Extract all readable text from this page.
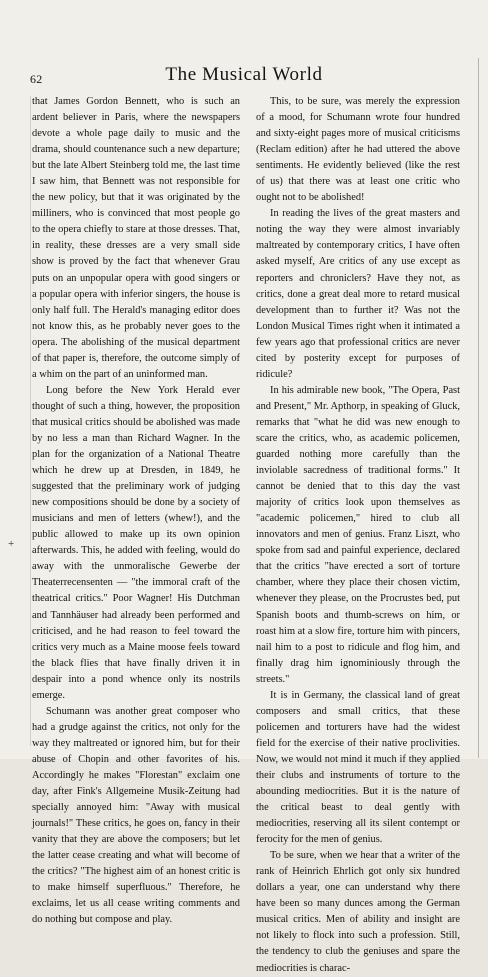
62	The Musical World
+

that James Gordon Bennett, who is such an ardent believer in Paris, where the newspapers devote a whole page daily to music and the drama, should countenance such a new departure; but the late Albert Steinberg told me, the last time I saw him, that Bennett was not responsible for the new policy, but that it was originated by the milliners, who is convinced that most people go to the opera chiefly to stare at those dresses. That, in reality, these dresses are a very small side show is proved by the fact that whenever Grau puts on an unpopular opera with good singers or a popular opera with inferior singers, the house is only half full. The Herald's managing editor does not know this, as he probably never goes to the opera. The abolishing of the musical department of that paper is, therefore, the outcome simply of a whim on the part of an uninformed man.

Long before the New York Herald ever thought of such a thing, however, the proposition that musical critics should be abolished was made by no less a man than Richard Wagner. In the plan for the organization of a National Theatre which he drew up at Dresden, in 1849, he suggested that the preliminary work of judging new compositions should be done by a society of musicians and men of letters (whew!), and the public allowed to make up its own opinion afterwards. This, he added with feeling, would do away with the unmoralische Gewerbe der Theaterrecensenten — "the immoral craft of the theatrical critics." Poor Wagner! His Dutchman and Tannhäuser had already been performed and criticised, and he had reason to feel toward the critics very much as a Maine moose feels toward the black flies that have finally driven it in despair into a pond whence only its nostrils emerge.

Schumann was another great composer who had a grudge against the critics, not only for the way they maltreated or ignored him, but for their abuse of Chopin and other favorites of his. Accordingly he makes "Florestan" exclaim one day, after Fink's Allgemeine Musik-Zeitung had specially annoyed him: "Away with musical journals!" These critics, he goes on, fancy in their vanity that they are above the composers; but let the latter cease creating and what will become of the critics? "The highest aim of an honest critic is to make himself superfluous." Therefore, he exclaims, let us all cease writing comments and do nothing but compose and play.

This, to be sure, was merely the expression of a mood, for Schumann wrote four hundred and sixty-eight pages more of musical criticisms (Reclam edition) after he had uttered the above sentiments. He evidently believed (like the rest of us) that there was at least one critic who ought not to be abolished!

In reading the lives of the great masters and noting the way they were almost invariably maltreated by contemporary critics, I have often asked myself, Are critics of any use except as reporters and chroniclers? Have they not, as critics, done a great deal more to retard musical development than to further it? Was not the London Musical Times right when it intimated a few years ago that professional critics are never cited by posterity except for purposes of ridicule?

In his admirable new book, "The Opera, Past and Present," Mr. Apthorp, in speaking of Gluck, remarks that "what he did was new enough to scare the critics, who, as academic policemen, guarded nothing more carefully than the inviolable sacredness of traditional forms." It cannot be denied that to this day the vast majority of critics look upon themselves as "academic policemen," hired to club all innovators and men of genius. Franz Liszt, who spoke from sad and painful experience, declared that the critics "have erected a sort of torture chamber, where they place their chosen victim, whenever they please, on the Procrustes bed, put Spanish boots and thumb-screws on him, or roast him at a slow fire, torture him with pincers, nail him to a post to ridicule and flog him, and finally drag him ignominiously through the streets."

It is in Germany, the classical land of great composers and small critics, that these policemen and torturers have had the widest field for the exercise of their native proclivities. Now, we would not mind it much if they applied their clubs and instruments of torture to the abounding mediocrities. But it is the nature of the critical beast to deal gently with mediocrities, reserving all its silent contempt or ferocity for the men of genius.

To be sure, when we hear that a writer of the rank of Heinrich Ehrlich got only six hundred dollars a year, one can understand why there have been so many dunces among the German musical critics. Men of ability and insight are not likely to flock into such a profession. Still, the tendency to club the geniuses and spare the mediocrities is charac-
